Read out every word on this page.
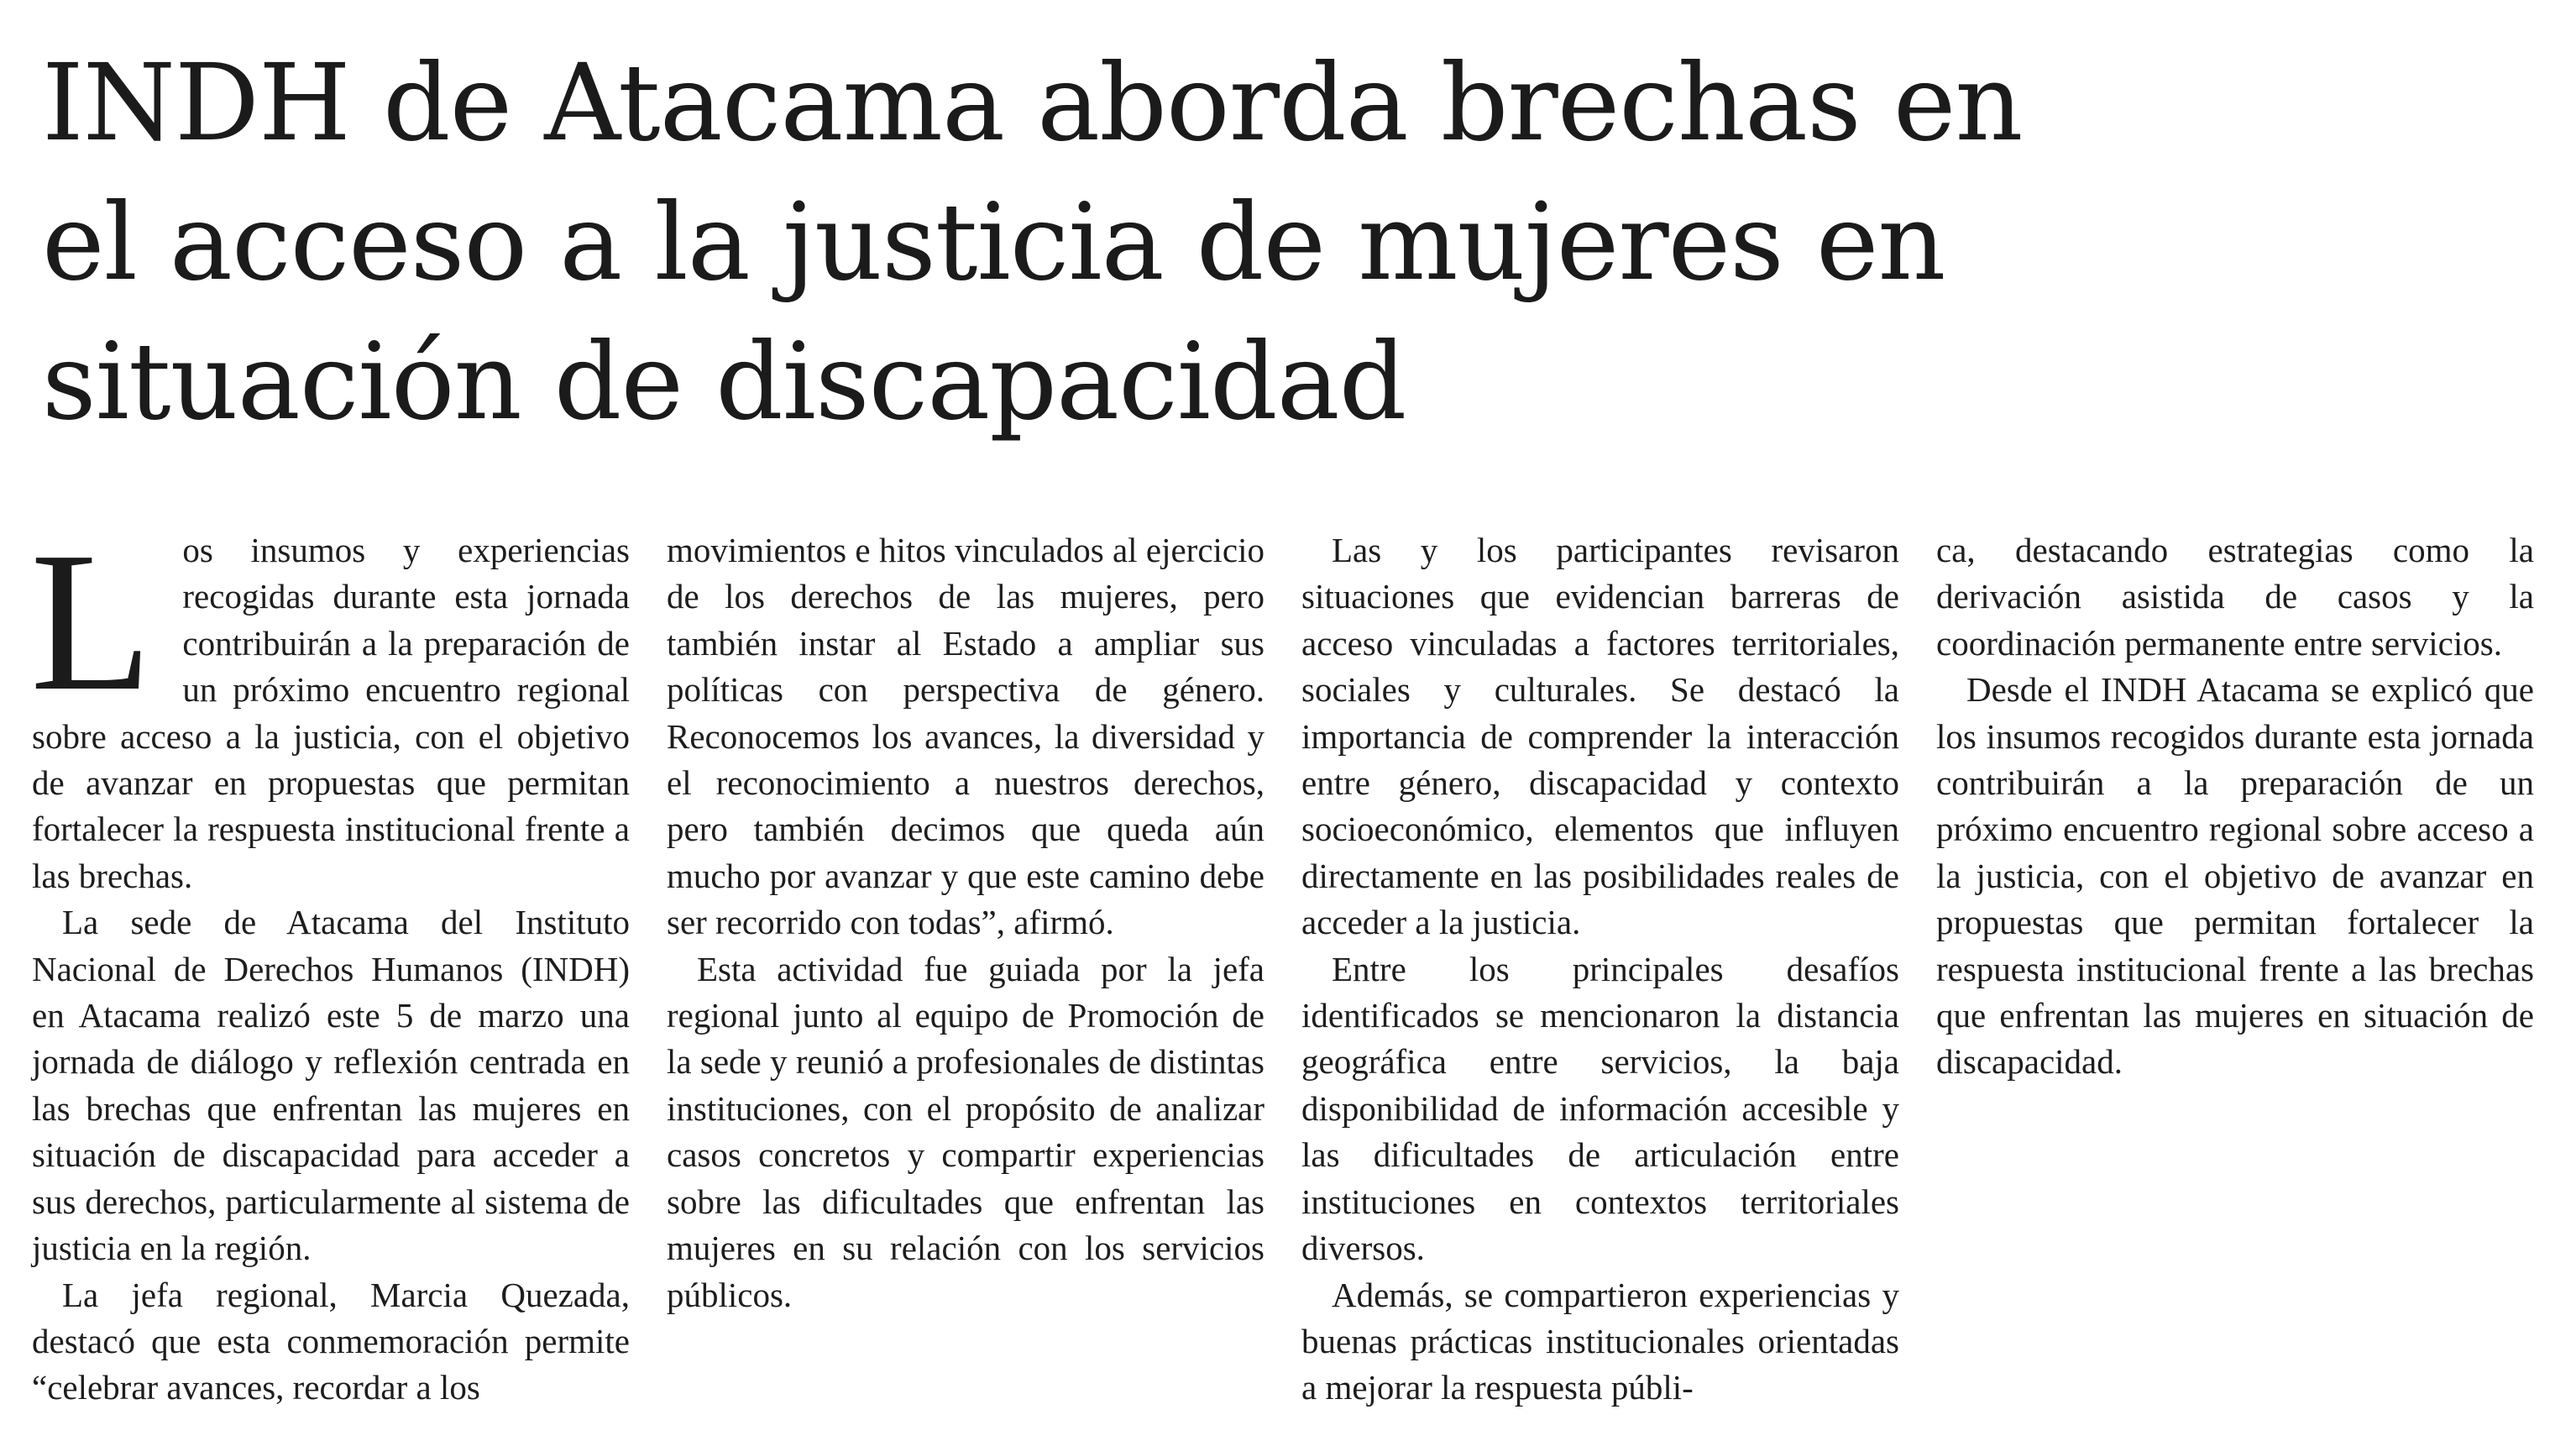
INDH de Atacama aborda brechas en
el acceso a la justicia de mujeres en
situación de discapacidad

Los insumos y experiencias recogidas durante esta jornada contribuirán a la preparación de un próximo encuentro regional sobre acceso a la justicia, con el objetivo de avanzar en propuestas que permitan fortalecer la respuesta institucional frente a las brechas.

La sede de Atacama del Instituto Nacional de Derechos Humanos (INDH) en Atacama realizó este 5 de marzo una jornada de diálogo y reflexión centrada en las brechas que enfrentan las mujeres en situación de discapacidad para acceder a sus derechos, particularmente al sistema de justicia en la región.

La jefa regional, Marcia Quezada, destacó que esta conmemoración permite “celebrar avances, recordar a los

movimientos e hitos vinculados al ejercicio de los derechos de las mujeres, pero también instar al Estado a ampliar sus políticas con perspectiva de género. Reconocemos los avances, la diversidad y el reconocimiento a nuestros derechos, pero también decimos que queda aún mucho por avanzar y que este camino debe ser recorrido con todas”, afirmó.

Esta actividad fue guiada por la jefa regional junto al equipo de Promoción de la sede y reunió a profesionales de distintas instituciones, con el propósito de analizar casos concretos y compartir experiencias sobre las dificultades que enfrentan las mujeres en su relación con los servicios públicos.

Las y los participantes revisaron situaciones que evidencian barreras de acceso vinculadas a factores territoriales, sociales y culturales. Se destacó la importancia de comprender la interacción entre género, discapacidad y contexto socioeconómico, elementos que influyen directamente en las posibilidades reales de acceder a la justicia.

Entre los principales desafíos identificados se mencionaron la distancia geográfica entre servicios, la baja disponibilidad de información accesible y las dificultades de articulación entre instituciones en contextos territoriales diversos.

Además, se compartieron experiencias y buenas prácticas institucionales orientadas a mejorar la respuesta públi-

ca, destacando estrategias como la derivación asistida de casos y la coordinación permanente entre servicios.

Desde el INDH Atacama se explicó que los insumos recogidos durante esta jornada contribuirán a la preparación de un próximo encuentro regional sobre acceso a la justicia, con el objetivo de avanzar en propuestas que permitan fortalecer la respuesta institucional frente a las brechas que enfrentan las mujeres en situación de discapacidad.
